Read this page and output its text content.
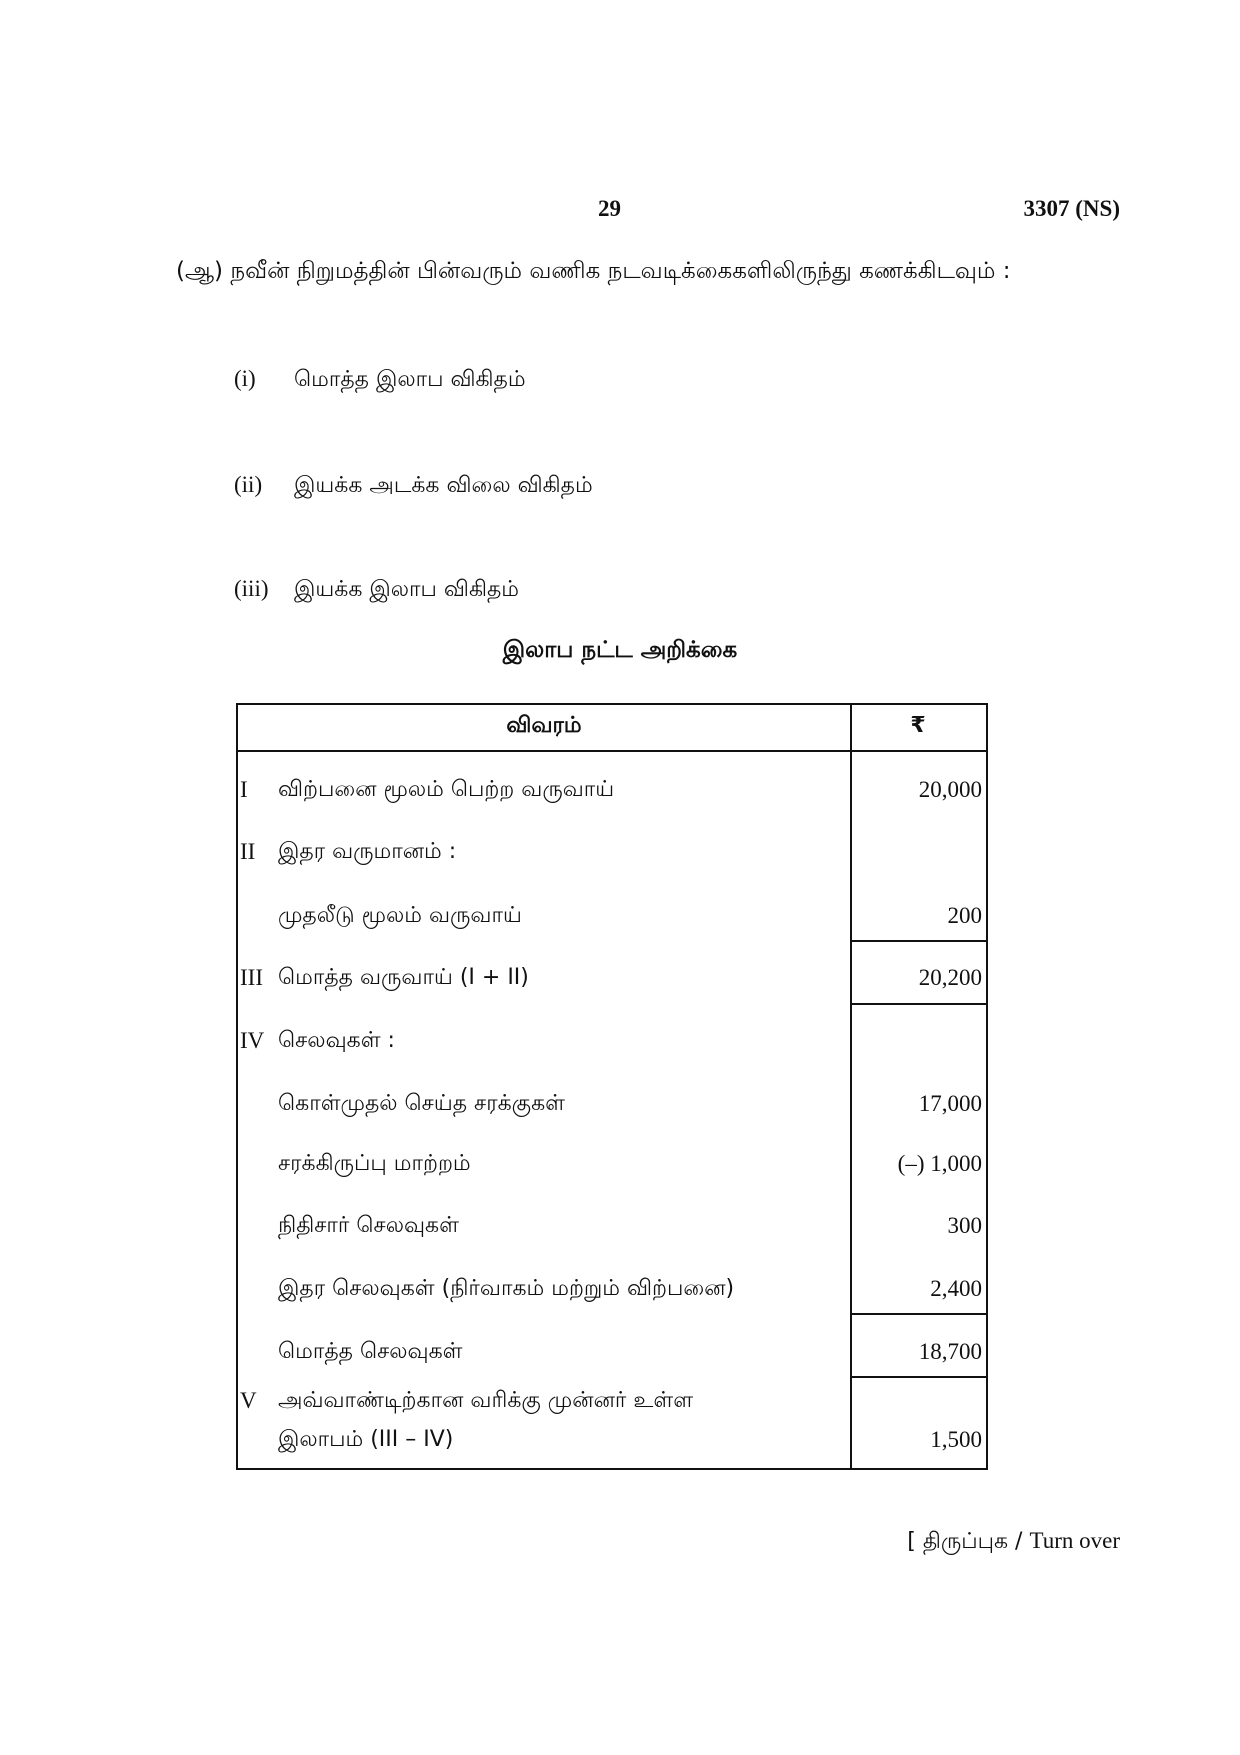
29	3307 (NS)
(ஆ) நவீன் நிறுமத்தின் பின்வரும் வணிக நடவடிக்கைகளிலிருந்து கணக்கிடவும் :
(i) மொத்த இலாப விகிதம்
(ii) இயக்க அடக்க விலை விகிதம்
(iii) இயக்க இலாப விகிதம்
இலாப நட்ட அறிக்கை
விவரம்	₹
I விற்பனை மூலம் பெற்ற வருவாய்	20,000
II இதர வருமானம் :
முதலீடு மூலம் வருவாய்	200
III மொத்த வருவாய் (I + II)	20,200
IV செலவுகள் :
கொள்முதல் செய்த சரக்குகள்	17,000
சரக்கிருப்பு மாற்றம்	(–) 1,000
நிதிசார் செலவுகள்	300
இதர செலவுகள் (நிர்வாகம் மற்றும் விற்பனை)	2,400
மொத்த செலவுகள்	18,700
V அவ்வாண்டிற்கான வரிக்கு முன்னர் உள்ள
இலாபம் (III – IV)	1,500
[ திருப்புக / Turn over
